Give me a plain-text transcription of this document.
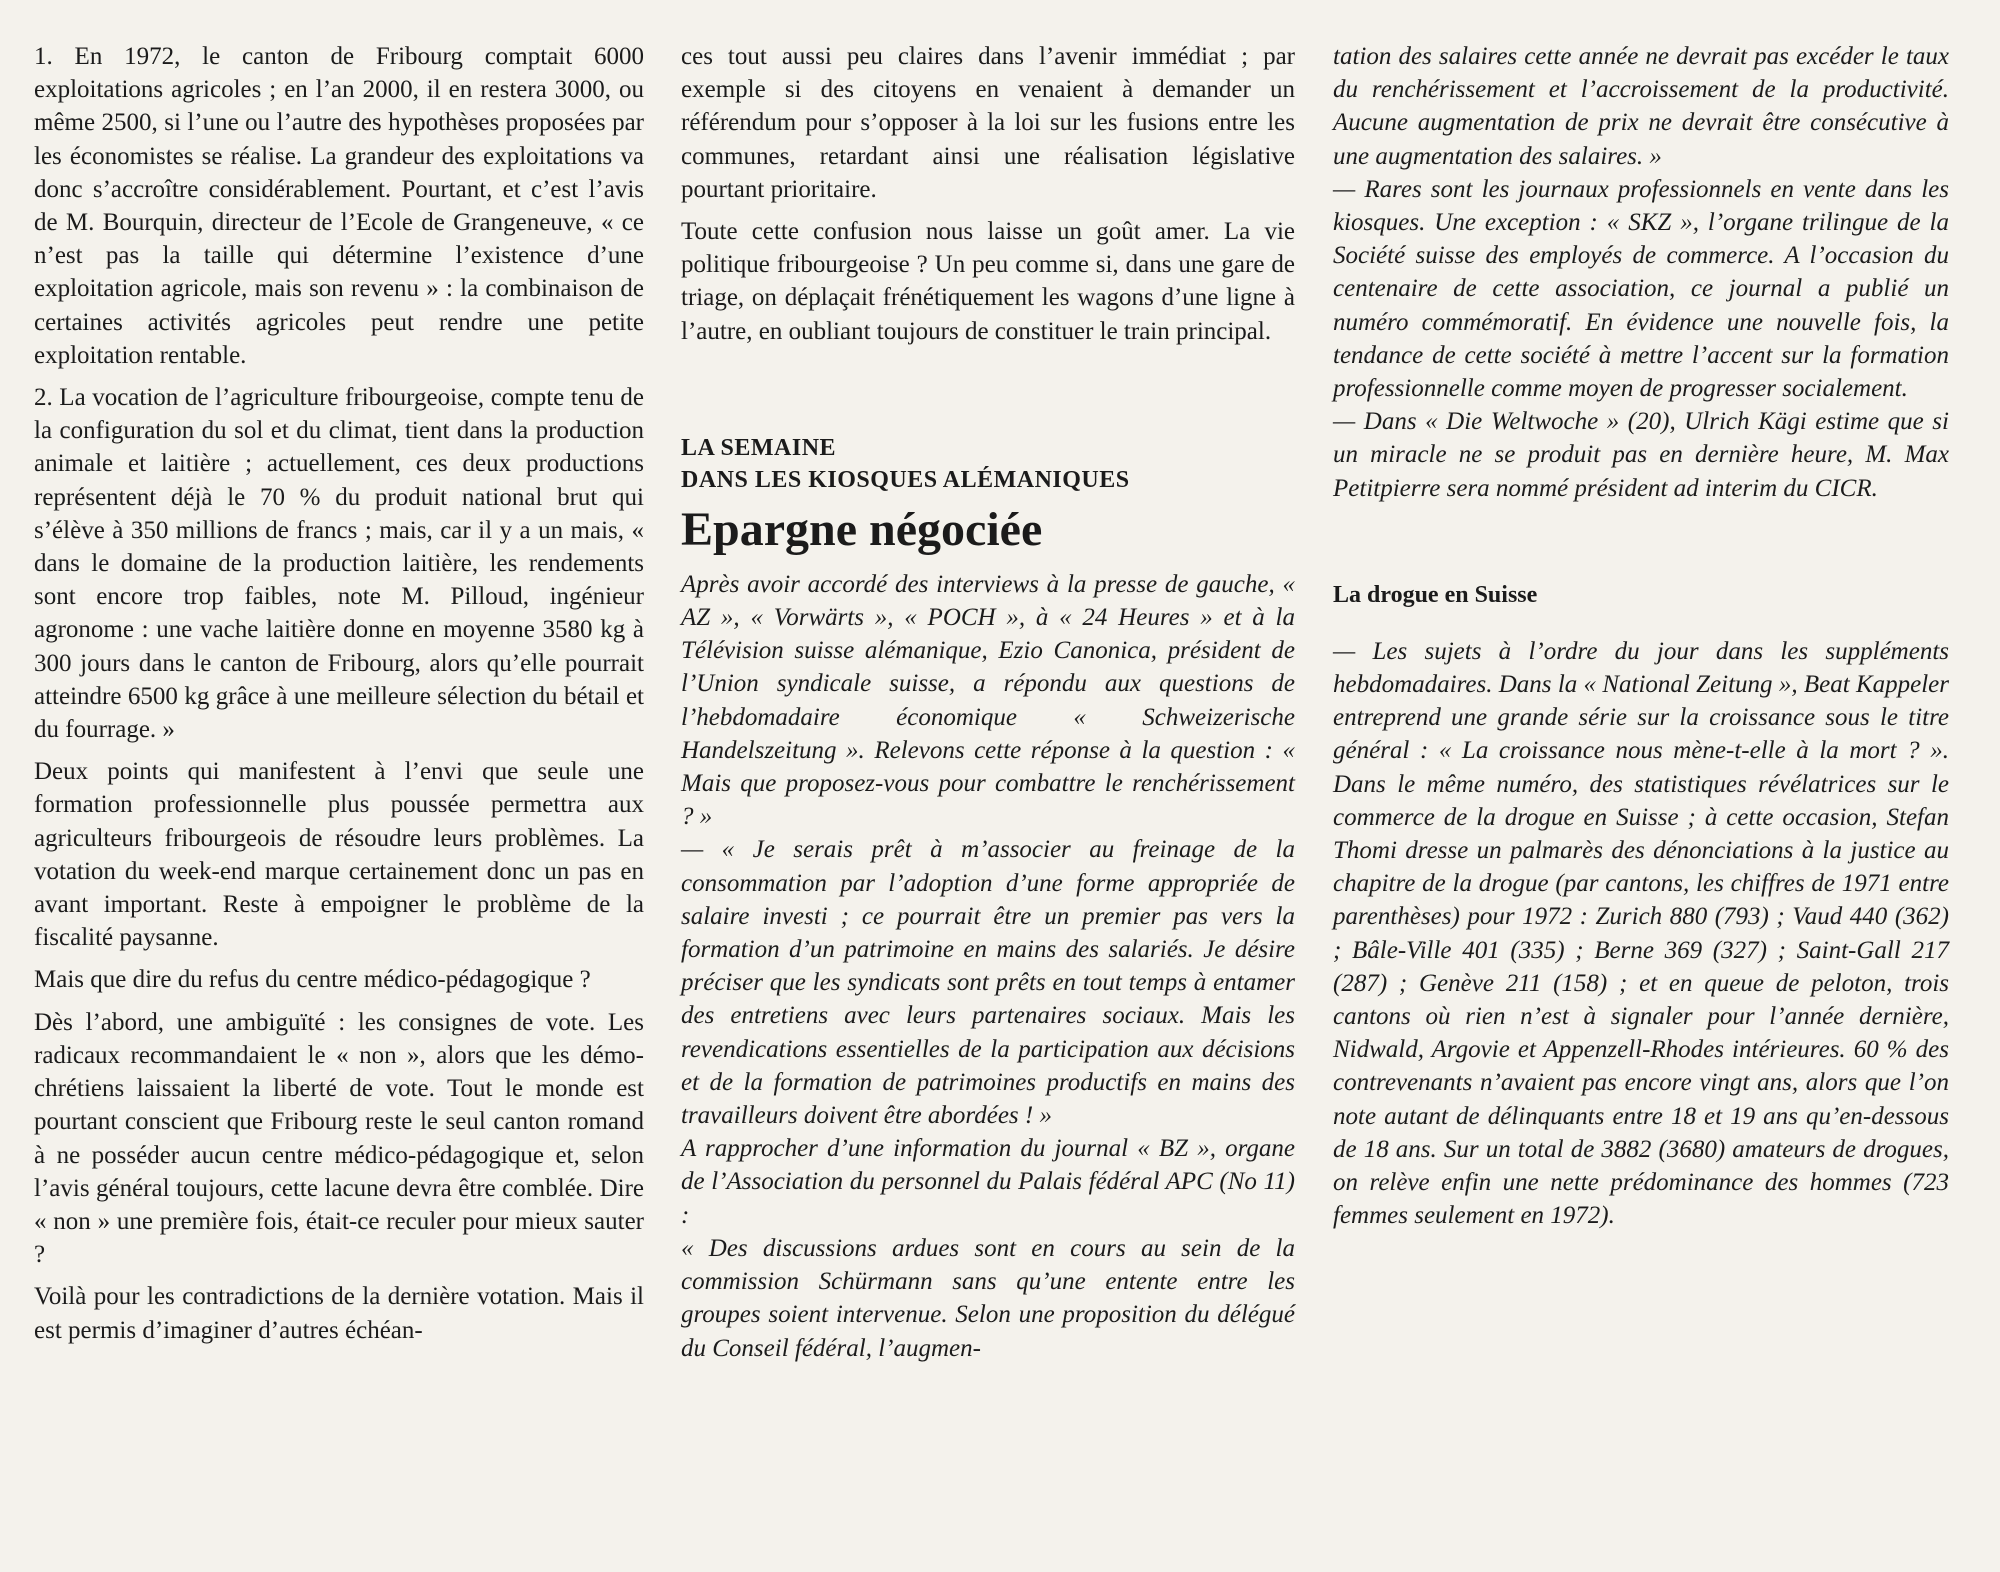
1. En 1972, le canton de Fribourg comptait 6000 exploitations agricoles ; en l’an 2000, il en restera 3000, ou même 2500, si l’une ou l’autre des hypothèses proposées par les économistes se réalise. La grandeur des exploitations va donc s’accroître considérablement. Pourtant, et c’est l’avis de M. Bourquin, directeur de l’Ecole de Grangeneuve, « ce n’est pas la taille qui détermine l’existence d’une exploitation agricole, mais son revenu » : la combinaison de certaines activités agricoles peut rendre une petite exploitation rentable.

2. La vocation de l’agriculture fribourgeoise, compte tenu de la configuration du sol et du climat, tient dans la production animale et laitière ; actuellement, ces deux productions représentent déjà le 70 % du produit national brut qui s’élève à 350 millions de francs ; mais, car il y a un mais, « dans le domaine de la production laitière, les rendements sont encore trop faibles, note M. Pilloud, ingénieur agronome : une vache laitière donne en moyenne 3580 kg à 300 jours dans le canton de Fribourg, alors qu’elle pourrait atteindre 6500 kg grâce à une meilleure sélection du bétail et du fourrage. »

Deux points qui manifestent à l’envi que seule une formation professionnelle plus poussée permettra aux agriculteurs fribourgeois de résoudre leurs problèmes. La votation du week-end marque certainement donc un pas en avant important. Reste à empoigner le problème de la fiscalité paysanne.

Mais que dire du refus du centre médico-pédagogique ?

Dès l’abord, une ambiguïté : les consignes de vote. Les radicaux recommandaient le « non », alors que les démo-chrétiens laissaient la liberté de vote. Tout le monde est pourtant conscient que Fribourg reste le seul canton romand à ne posséder aucun centre médico-pédagogique et, selon l’avis général toujours, cette lacune devra être comblée. Dire « non » une première fois, était-ce reculer pour mieux sauter ?

Voilà pour les contradictions de la dernière votation. Mais il est permis d’imaginer d’autres échéan-

ces tout aussi peu claires dans l’avenir immédiat ; par exemple si des citoyens en venaient à demander un référendum pour s’opposer à la loi sur les fusions entre les communes, retardant ainsi une réalisation législative pourtant prioritaire.

Toute cette confusion nous laisse un goût amer. La vie politique fribourgeoise ? Un peu comme si, dans une gare de triage, on déplaçait frénétiquement les wagons d’une ligne à l’autre, en oubliant toujours de constituer le train principal.

LA SEMAINE
DANS LES KIOSQUES ALÉMANIQUES
Epargne négociée

Après avoir accordé des interviews à la presse de gauche, « AZ », « Vorwärts », « POCH », à « 24 Heures » et à la Télévision suisse alémanique, Ezio Canonica, président de l’Union syndicale suisse, a répondu aux questions de l’hebdomadaire économique « Schweizerische Handelszeitung ». Relevons cette réponse à la question : « Mais que proposez-vous pour combattre le renchérissement ? »

— « Je serais prêt à m’associer au freinage de la consommation par l’adoption d’une forme appropriée de salaire investi ; ce pourrait être un premier pas vers la formation d’un patrimoine en mains des salariés. Je désire préciser que les syndicats sont prêts en tout temps à entamer des entretiens avec leurs partenaires sociaux. Mais les revendications essentielles de la participation aux décisions et de la formation de patrimoines productifs en mains des travailleurs doivent être abordées ! »

A rapprocher d’une information du journal « BZ », organe de l’Association du personnel du Palais fédéral APC (No 11) :

« Des discussions ardues sont en cours au sein de la commission Schürmann sans qu’une entente entre les groupes soient intervenue. Selon une proposition du délégué du Conseil fédéral, l’augmen-

tation des salaires cette année ne devrait pas excéder le taux du renchérissement et l’accroissement de la productivité. Aucune augmentation de prix ne devrait être consécutive à une augmentation des salaires. »

— Rares sont les journaux professionnels en vente dans les kiosques. Une exception : « SKZ », l’organe trilingue de la Société suisse des employés de commerce. A l’occasion du centenaire de cette association, ce journal a publié un numéro commémoratif. En évidence une nouvelle fois, la tendance de cette société à mettre l’accent sur la formation professionnelle comme moyen de progresser socialement.

— Dans « Die Weltwoche » (20), Ulrich Kägi estime que si un miracle ne se produit pas en dernière heure, M. Max Petitpierre sera nommé président ad interim du CICR.

La drogue en Suisse

— Les sujets à l’ordre du jour dans les suppléments hebdomadaires. Dans la « National Zeitung », Beat Kappeler entreprend une grande série sur la croissance sous le titre général : « La croissance nous mène-t-elle à la mort ? ». Dans le même numéro, des statistiques révélatrices sur le commerce de la drogue en Suisse ; à cette occasion, Stefan Thomi dresse un palmarès des dénonciations à la justice au chapitre de la drogue (par cantons, les chiffres de 1971 entre parenthèses) pour 1972 : Zurich 880 (793) ; Vaud 440 (362) ; Bâle-Ville 401 (335) ; Berne 369 (327) ; Saint-Gall 217 (287) ; Genève 211 (158) ; et en queue de peloton, trois cantons où rien n’est à signaler pour l’année dernière, Nidwald, Argovie et Appenzell-Rhodes intérieures. 60 % des contrevenants n’avaient pas encore vingt ans, alors que l’on note autant de délinquants entre 18 et 19 ans qu’en-dessous de 18 ans. Sur un total de 3882 (3680) amateurs de drogues, on relève enfin une nette prédominance des hommes (723 femmes seulement en 1972).
